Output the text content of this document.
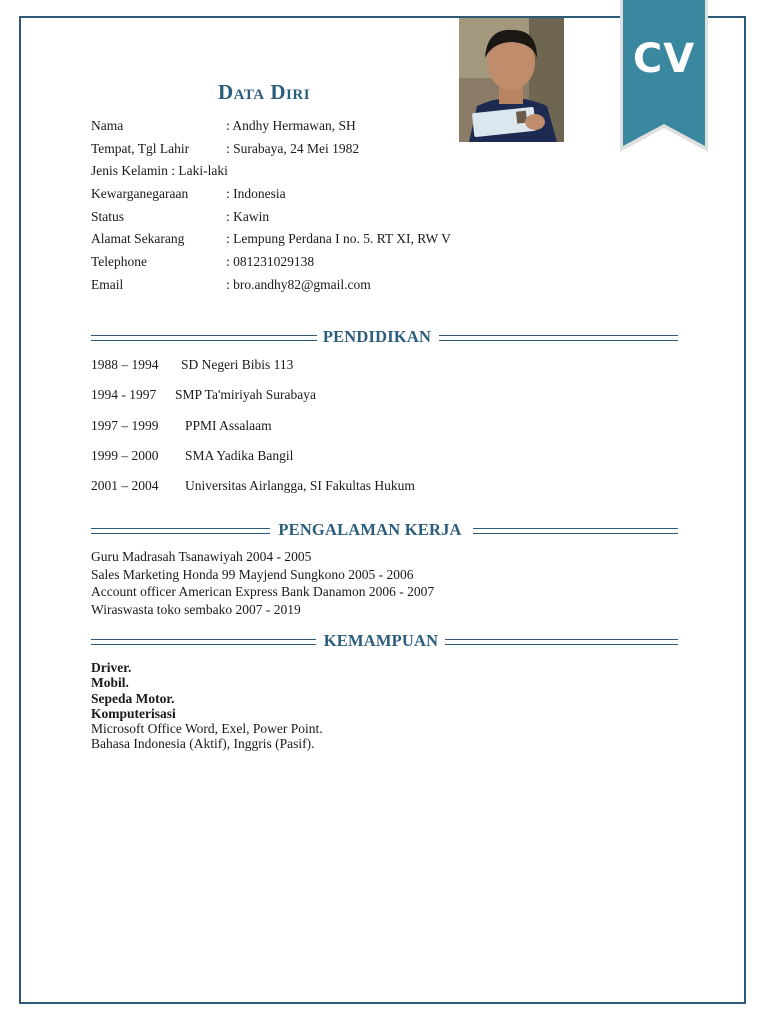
CV
Data Diri
Nama	: Andhy Hermawan, SH
Tempat, Tgl Lahir	: Surabaya, 24 Mei 1982
Jenis Kelamin : Laki-laki
Kewarganegaraan	: Indonesia
Status	: Kawin
Alamat Sekarang	: Lempung Perdana I no. 5. RT XI, RW V
Telephone	: 081231029138
Email	: bro.andhy82@gmail.com
PENDIDIKAN
1988 – 1994 SD Negeri Bibis 113
1994 - 1997 SMP Ta'miriyah Surabaya
1997 – 1999 PPMI Assalaam
1999 – 2000 SMA Yadika Bangil
2001 – 2004 Universitas Airlangga, SI Fakultas Hukum
PENGALAMAN KERJA
Guru Madrasah Tsanawiyah 2004 - 2005
Sales Marketing Honda 99 Mayjend Sungkono 2005 - 2006
Account officer American Express Bank Danamon 2006 - 2007
Wiraswasta toko sembako 2007 - 2019
KEMAMPUAN
Driver.
Mobil.
Sepeda Motor.
Komputerisasi
Microsoft Office Word, Exel, Power Point.
Bahasa Indonesia (Aktif), Inggris (Pasif).
